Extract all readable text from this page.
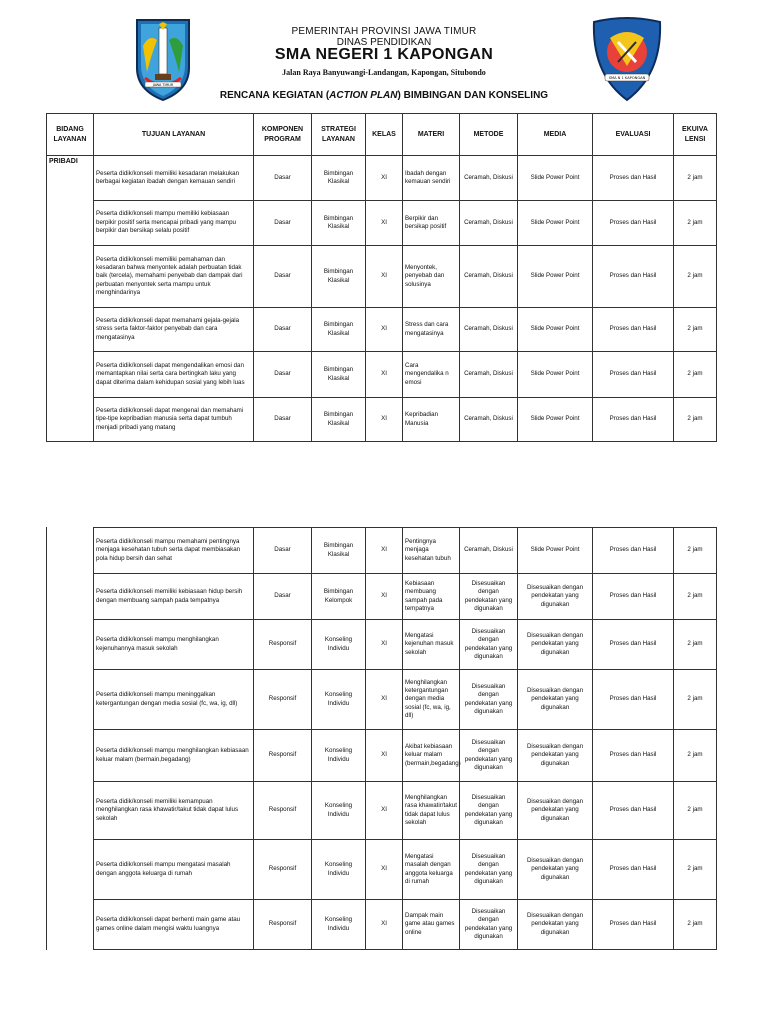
JAWA TIMUR
PEMERINTAH PROVINSI JAWA TIMUR
DINAS PENDIDIKAN
SMA NEGERI 1 KAPONGAN
Jalan Raya Banyuwangi-Landangan, Kapongan, Situbondo
RENCANA KEGIATAN (ACTION PLAN) BIMBINGAN DAN KONSELING
SMA N 1 KAPONGAN
BIDANG LAYANAN	TUJUAN LAYANAN	KOMPONEN PROGRAM	STRATEGI LAYANAN	KELAS	MATERI	METODE	MEDIA	EVALUASI	EKUIVA LENSI
PRIBADI	Peserta didik/konseli memiliki kesadaran melakukan berbagai kegiatan ibadah dengan kemauan sendiri	Dasar	Bimbingan Klasikal	XI	Ibadah dengan kemauan sendiri	Ceramah, Diskusi	Slide Power Point	Proses dan Hasil	2 jam
	Peserta didik/konseli mampu memiliki kebiasaan berpikir positif serta mencapai pribadi yang mampu berpikir dan bersikap selalu positif	Dasar	Bimbingan Klasikal	XI	Berpikir dan bersikap positif	Ceramah, Diskusi	Slide Power Point	Proses dan Hasil	2 jam
	Peserta didik/konseli memiliki pemahaman dan kesadaran bahwa menyontek adalah perbuatan tidak baik (tercela), memahami penyebab dan dampak dari perbuatan menyontek serta mampu untuk menghindarinya	Dasar	Bimbingan Klasikal	XI	Menyontek, penyebab dan solusinya	Ceramah, Diskusi	Slide Power Point	Proses dan Hasil	2 jam
	Peserta didik/konseli dapat memahami gejala-gejala stress serta faktor-faktor penyebab dan cara mengatasinya	Dasar	Bimbingan Klasikal	XI	Stress dan cara mengatasinya	Ceramah, Diskusi	Slide Power Point	Proses dan Hasil	2 jam
	Peserta didik/konseli dapat mengendalikan emosi dan memantapkan nilai serta cara bertingkah laku yang dapat diterima dalam kehidupan sosial yang lebih luas	Dasar	Bimbingan Klasikal	XI	Cara mengendalika n emosi	Ceramah, Diskusi	Slide Power Point	Proses dan Hasil	2 jam
	Peserta didik/konseli dapat mengenal dan memahami tipe-tipe kepribadian manusia serta dapat tumbuh menjadi pribadi yang matang	Dasar	Bimbingan Klasikal	XI	Kepribadian Manusia	Ceramah, Diskusi	Slide Power Point	Proses dan Hasil	2 jam
	Peserta didik/konseli mampu memahami pentingnya menjaga kesehatan tubuh serta dapat membiasakan pola hidup bersih dan sehat	Dasar	Bimbingan Klasikal	XI	Pentingnya menjaga kesehatan tubuh	Ceramah, Diskusi	Slide Power Point	Proses dan Hasil	2 jam
	Peserta didik/konseli memiliki kebiasaan hidup bersih dengan membuang sampah pada tempatnya	Dasar	Bimbingan Kelompok	XI	Kebiasaan membuang sampah pada tempatnya	Disesuaikan dengan pendekatan yang digunakan	Disesuaikan dengan pendekatan yang digunakan	Proses dan Hasil	2 jam
	Peserta didik/konseli mampu menghilangkan kejenuhannya masuk sekolah	Responsif	Konseling Individu	XI	Mengatasi kejenuhan masuk sekolah	Disesuaikan dengan pendekatan yang digunakan	Disesuaikan dengan pendekatan yang digunakan	Proses dan Hasil	2 jam
	Peserta didik/konseli mampu meninggalkan ketergantungan dengan media sosial (fc, wa, ig, dll)	Responsif	Konseling Individu	XI	Menghilangkan ketergantungan dengan media sosial (fc, wa, ig, dll)	Disesuaikan dengan pendekatan yang digunakan	Disesuaikan dengan pendekatan yang digunakan	Proses dan Hasil	2 jam
	Peserta didik/konseli mampu menghilangkan kebiasaan keluar malam (bermain,begadang)	Responsif	Konseling Individu	XI	Akibat kebiasaan keluar malam (bermain,begadang)	Disesuaikan dengan pendekatan yang digunakan	Disesuaikan dengan pendekatan yang digunakan	Proses dan Hasil	2 jam
	Peserta didik/konseli memiliki kemampuan menghilangkan rasa khawatir/takut tidak dapat lulus sekolah	Responsif	Konseling Individu	XI	Menghilangkan rasa khawatir/takut tidak dapat lulus sekolah	Disesuaikan dengan pendekatan yang digunakan	Disesuaikan dengan pendekatan yang digunakan	Proses dan Hasil	2 jam
	Peserta didik/konseli mampu mengatasi masalah dengan anggota keluarga di rumah	Responsif	Konseling Individu	XI	Mengatasi masalah dengan anggota keluarga di rumah	Disesuaikan dengan pendekatan yang digunakan	Disesuaikan dengan pendekatan yang digunakan	Proses dan Hasil	2 jam
	Peserta didik/konseli dapat berhenti main game atau games online dalam mengisi waktu luangnya	Responsif	Konseling Individu	XI	Dampak main game atau games online	Disesuaikan dengan pendekatan yang digunakan	Disesuaikan dengan pendekatan yang digunakan	Proses dan Hasil	2 jam
